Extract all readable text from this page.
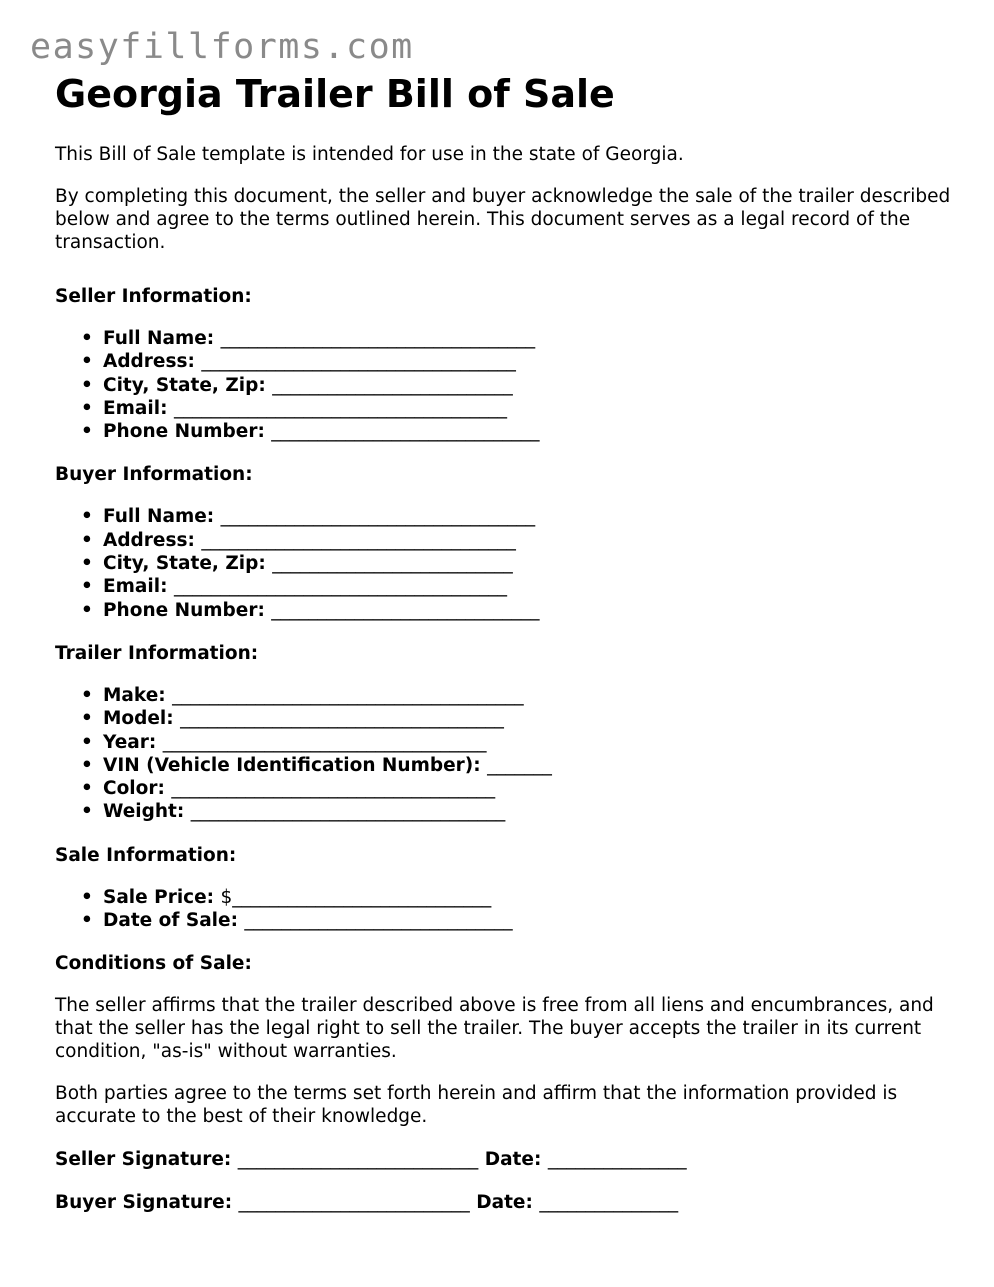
easyfillforms.com
Georgia Trailer Bill of Sale

This Bill of Sale template is intended for use in the state of Georgia.

By completing this document, the seller and buyer acknowledge the sale of the trailer described below and agree to the terms outlined herein. This document serves as a legal record of the transaction.

Seller Information:
• Full Name: __________________________________
• Address: __________________________________
• City, State, Zip: __________________________
• Email: ____________________________________
• Phone Number: _____________________________
Buyer Information:
• Full Name: __________________________________
• Address: __________________________________
• City, State, Zip: __________________________
• Email: ____________________________________
• Phone Number: _____________________________
Trailer Information:
• Make: ______________________________________
• Model: ___________________________________
• Year: ___________________________________
• VIN (Vehicle Identification Number): _______
• Color: ___________________________________
• Weight: __________________________________
Sale Information:
• Sale Price: $____________________________
• Date of Sale: _____________________________
Conditions of Sale:

The seller affirms that the trailer described above is free from all liens and encumbrances, and that the seller has the legal right to sell the trailer. The buyer accepts the trailer in its current condition, "as-is" without warranties.

Both parties agree to the terms set forth herein and affirm that the information provided is accurate to the best of their knowledge.

Seller Signature: __________________________ Date: _______________
Buyer Signature: _________________________ Date: _______________
